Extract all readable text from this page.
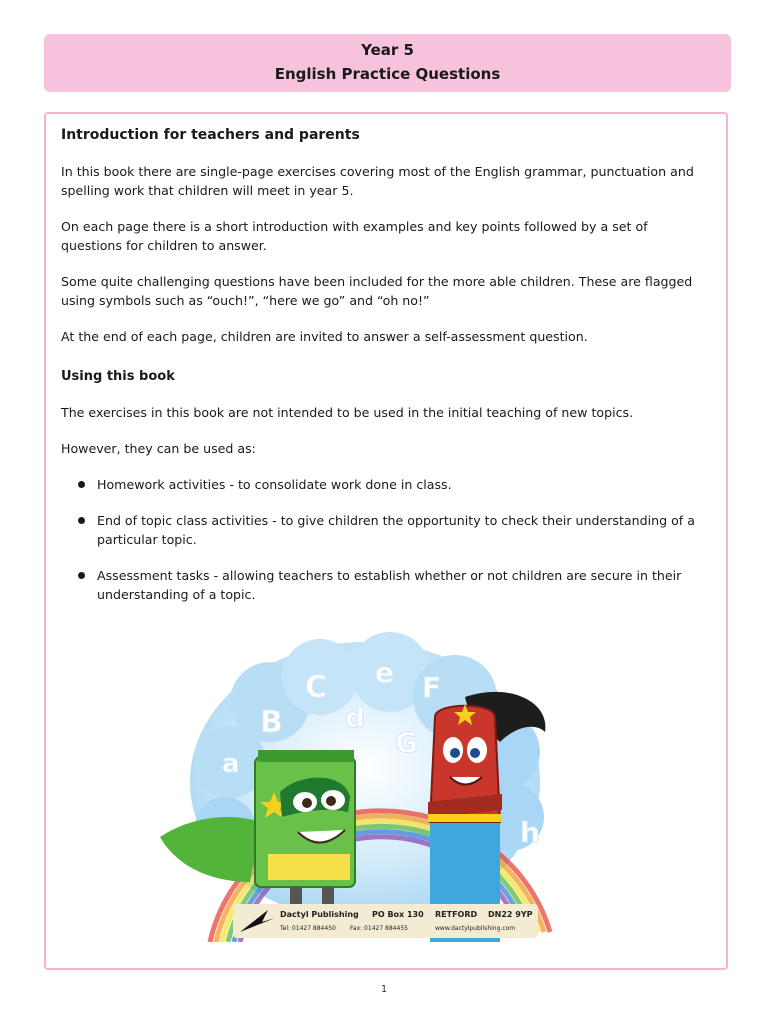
Year 5
English Practice Questions
Introduction for teachers and parents

In this book there are single-page exercises covering most of the English grammar, punctuation and spelling work that children will meet in year 5.

On each page there is a short introduction with examples and key points followed by a set of questions for children to answer.

Some quite challenging questions have been included for the more able children. These are flagged using symbols such as “ouch!”, “here we go” and “oh no!”

At the end of each page, children are invited to answer a self-assessment question.

Using this book

The exercises in this book are not intended to be used in the initial teaching of new topics.

However, they can be used as:

Homework activities - to consolidate work done in class.
End of topic class activities - to give children the opportunity to check their understanding of a particular topic.
Assessment tasks - allowing teachers to establish whether or not children are secure in their understanding of a topic.
a
B
C
d
e F
G
h
Dactyl Publishing PO Box 130 RETFORD DN22 9YP
Tel: 01427 884450 Fax: 01427 884455	www.dactylpublishing.com
1
